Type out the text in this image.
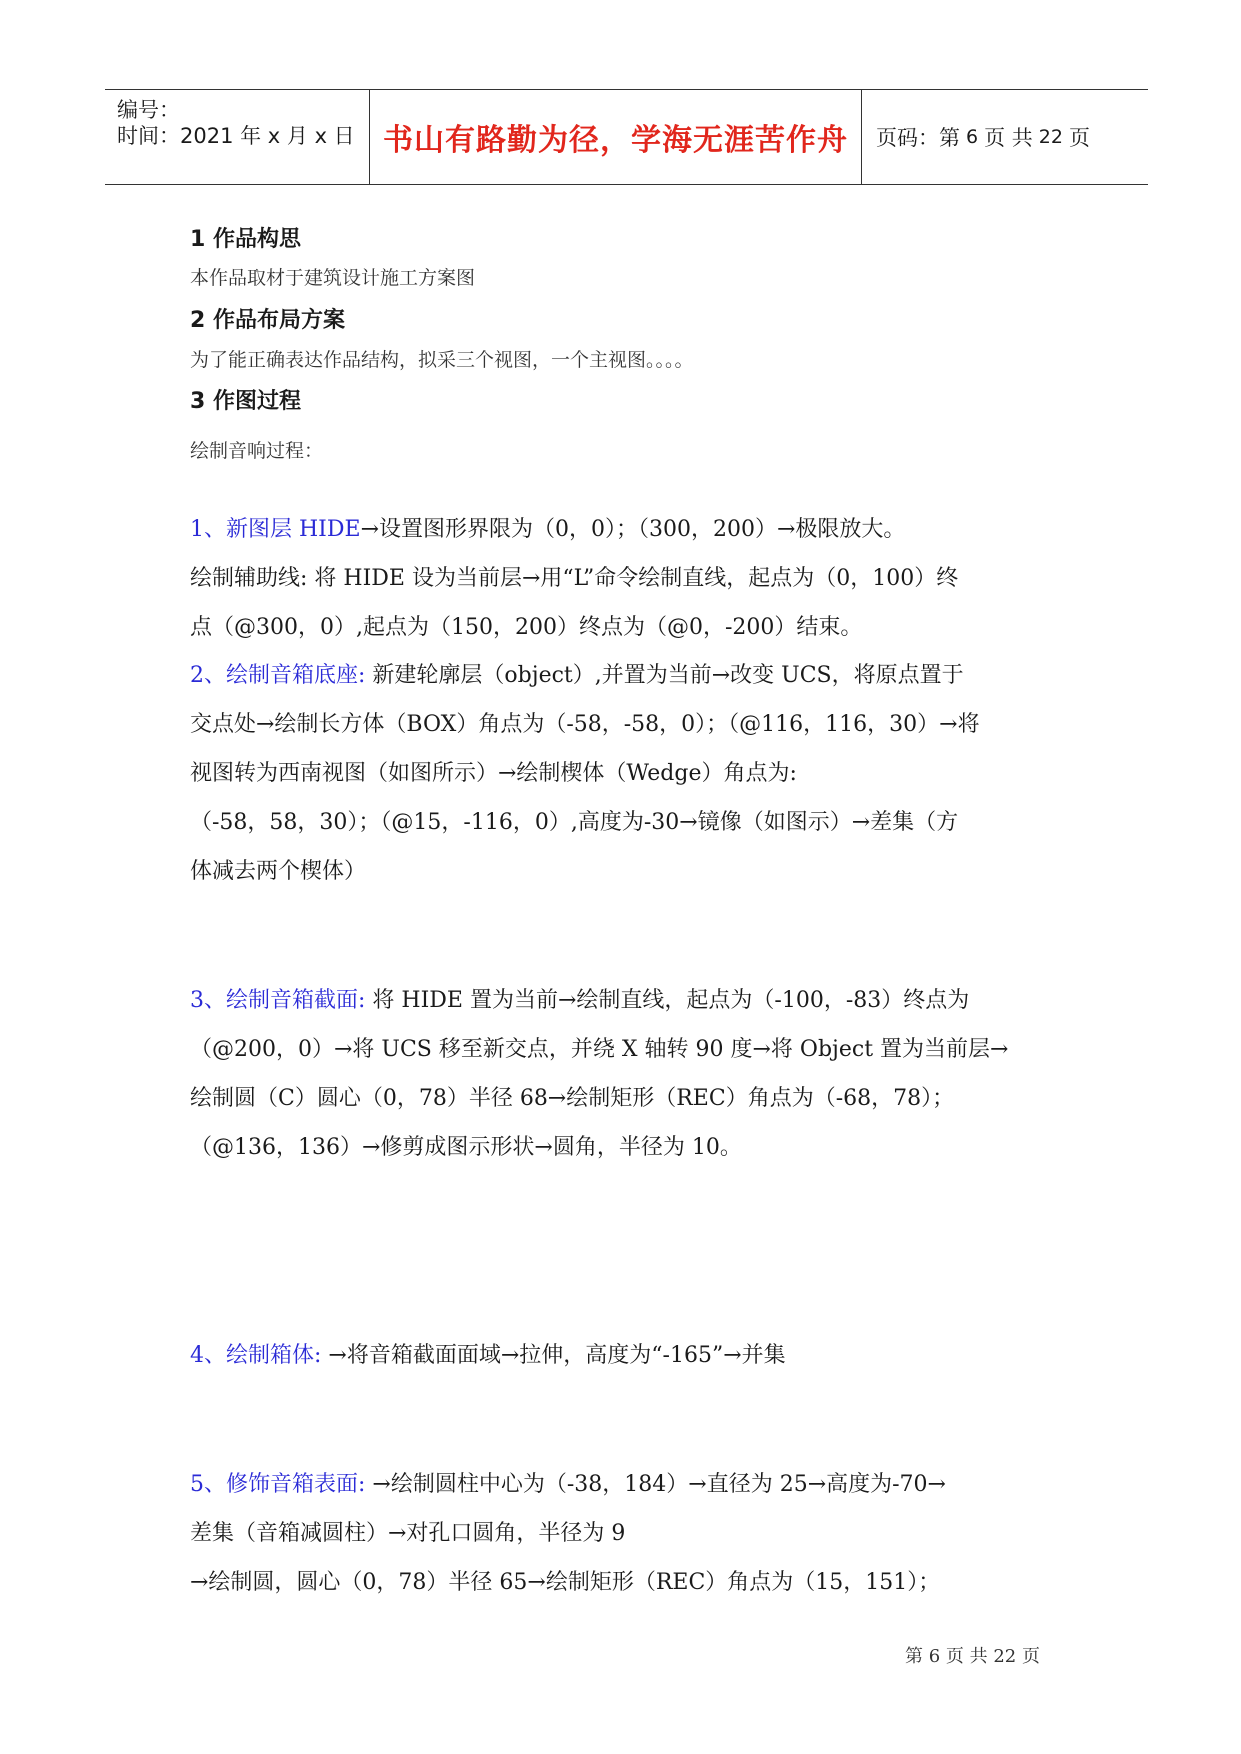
编号：
时间：2021 年 x 月 x 日 书山有路勤为径，学海无涯苦作舟 页码：第 6 页 共 22 页
1 作品构思
本作品取材于建筑设计施工方案图
2 作品布局方案
为了能正确表达作品结构，拟采三个视图，一个主视图。。。。
3 作图过程
绘制音响过程：
1、新图层 HIDE→设置图形界限为（0，0）；（300，200）→极限放大。
绘制辅助线: 将 HIDE 设为当前层→用“L”命令绘制直线，起点为（0，100）终
点（@300，0）,起点为（150，200）终点为（@0，-200）结束。
2、绘制音箱底座: 新建轮廓层（object）,并置为当前→改变 UCS，将原点置于
交点处→绘制长方体（BOX）角点为（-58，-58，0）；（@116，116，30）→将
视图转为西南视图（如图所示）→绘制楔体（Wedge）角点为:
（-58，58，30）；（@15，-116，0）,高度为-30→镜像（如图示）→差集（方
体减去两个楔体）
3、绘制音箱截面: 将 HIDE 置为当前→绘制直线，起点为（-100，-83）终点为
（@200，0）→将 UCS 移至新交点，并绕 X 轴转 90 度→将 Object 置为当前层→
绘制圆（C）圆心（0，78）半径 68→绘制矩形（REC）角点为（-68，78）；
（@136，136）→修剪成图示形状→圆角，半径为 10。
4、绘制箱体: →将音箱截面面域→拉伸，高度为“-165”→并集
5、修饰音箱表面: →绘制圆柱中心为（-38，184）→直径为 25→高度为-70→
差集（音箱减圆柱）→对孔口圆角，半径为 9
→绘制圆，圆心（0，78）半径 65→绘制矩形（REC）角点为（15，151）；
第 6 页 共 22 页
